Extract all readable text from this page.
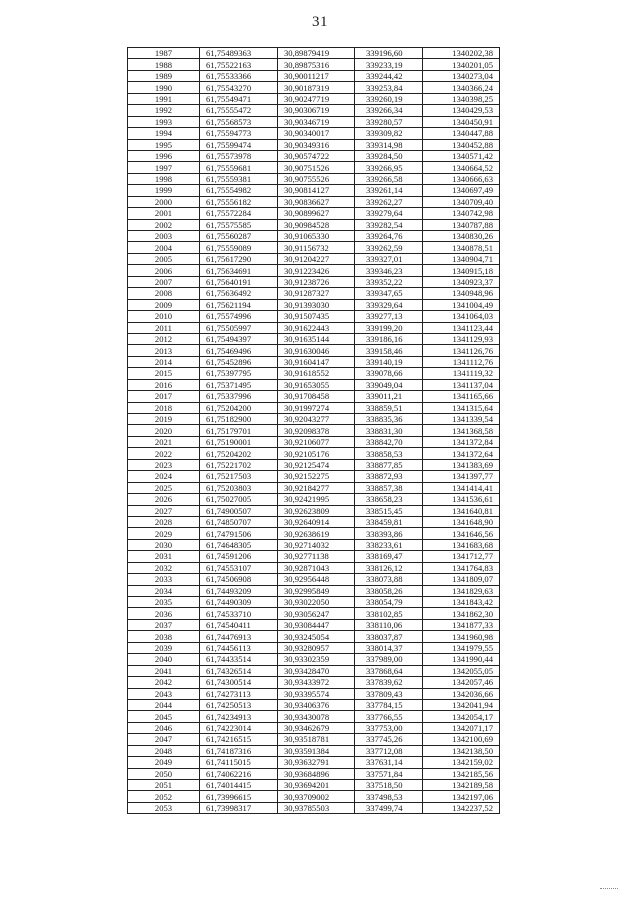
31
1987	61,75489363	30,89879419	339196,60	1340202,38
1988	61,75522163	30,89875316	339233,19	1340201,05
1989	61,75533366	30,90011217	339244,42	1340273,04
1990	61,75543270	30,90187319	339253,84	1340366,24
1991	61,75549471	30,90247719	339260,19	1340398,25
1992	61,75555472	30,90306719	339266,34	1340429,53
1993	61,75568573	30,90346719	339280,57	1340450,91
1994	61,75594773	30,90340017	339309,82	1340447,88
1995	61,75599474	30,90349316	339314,98	1340452,88
1996	61,75573978	30,90574722	339284,50	1340571,42
1997	61,75559681	30,90751526	339266,95	1340664,52
1998	61,75559381	30,90755526	339266,58	1340666,63
1999	61,75554982	30,90814127	339261,14	1340697,49
2000	61,75556182	30,90836627	339262,27	1340709,40
2001	61,75572284	30,90899627	339279,64	1340742,98
2002	61,75575585	30,90984528	339282,54	1340787,88
2003	61,75560287	30,91065330	339264,76	1340830,26
2004	61,75559089	30,91156732	339262,59	1340878,51
2005	61,75617290	30,91204227	339327,01	1340904,71
2006	61,75634691	30,91223426	339346,23	1340915,18
2007	61,75640191	30,91238726	339352,22	1340923,37
2008	61,75636492	30,91287327	339347,65	1340948,96
2009	61,75621194	30,91393030	339329,64	1341004,49
2010	61,75574996	30,91507435	339277,13	1341064,03
2011	61,75505997	30,91622443	339199,20	1341123,44
2012	61,75494397	30,91635144	339186,16	1341129,93
2013	61,75469496	30,91630046	339158,46	1341126,76
2014	61,75452896	30,91604147	339140,19	1341112,76
2015	61,75397795	30,91618552	339078,66	1341119,32
2016	61,75371495	30,91653055	339049,04	1341137,04
2017	61,75337996	30,91708458	339011,21	1341165,66
2018	61,75204200	30,91997274	338859,51	1341315,64
2019	61,75182900	30,92043277	338835,36	1341339,54
2020	61,75179701	30,92098378	338831,30	1341368,58
2021	61,75190001	30,92106077	338842,70	1341372,84
2022	61,75204202	30,92105176	338858,53	1341372,64
2023	61,75221702	30,92125474	338877,85	1341383,69
2024	61,75217503	30,92152275	338872,93	1341397,77
2025	61,75203803	30,92184277	338857,38	1341414,41
2026	61,75027005	30,92421995	338658,23	1341536,61
2027	61,74900507	30,92623809	338515,45	1341640,81
2028	61,74850707	30,92640914	338459,81	1341648,90
2029	61,74791506	30,92638619	338393,86	1341646,56
2030	61,74648305	30,92714032	338233,61	1341683,68
2031	61,74591206	30,92771138	338169,47	1341712,77
2032	61,74553107	30,92871043	338126,12	1341764,83
2033	61,74506908	30,92956448	338073,88	1341809,07
2034	61,74493209	30,92995849	338058,26	1341829,63
2035	61,74490309	30,93022050	338054,79	1341843,42
2036	61,74533710	30,93056247	338102,85	1341862,30
2037	61,74540411	30,93084447	338110,06	1341877,33
2038	61,74476913	30,93245054	338037,87	1341960,98
2039	61,74456113	30,93280957	338014,37	1341979,55
2040	61,74433514	30,93302359	337989,00	1341990,44
2041	61,74326514	30,93428470	337868,64	1342055,05
2042	61,74300514	30,93433972	337839,62	1342057,46
2043	61,74273113	30,93395574	337809,43	1342036,66
2044	61,74250513	30,93406376	337784,15	1342041,94
2045	61,74234913	30,93430078	337766,55	1342054,17
2046	61,74223014	30,93462679	337753,00	1342071,17
2047	61,74216515	30,93518781	337745,26	1342100,69
2048	61,74187316	30,93591384	337712,08	1342138,50
2049	61,74115015	30,93632791	337631,14	1342159,02
2050	61,74062216	30,93684896	337571,84	1342185,56
2051	61,74014415	30,93694201	337518,50	1342189,58
2052	61,73996615	30,93709002	337498,53	1342197,06
2053	61,73998317	30,93785503	337499,74	1342237,52
